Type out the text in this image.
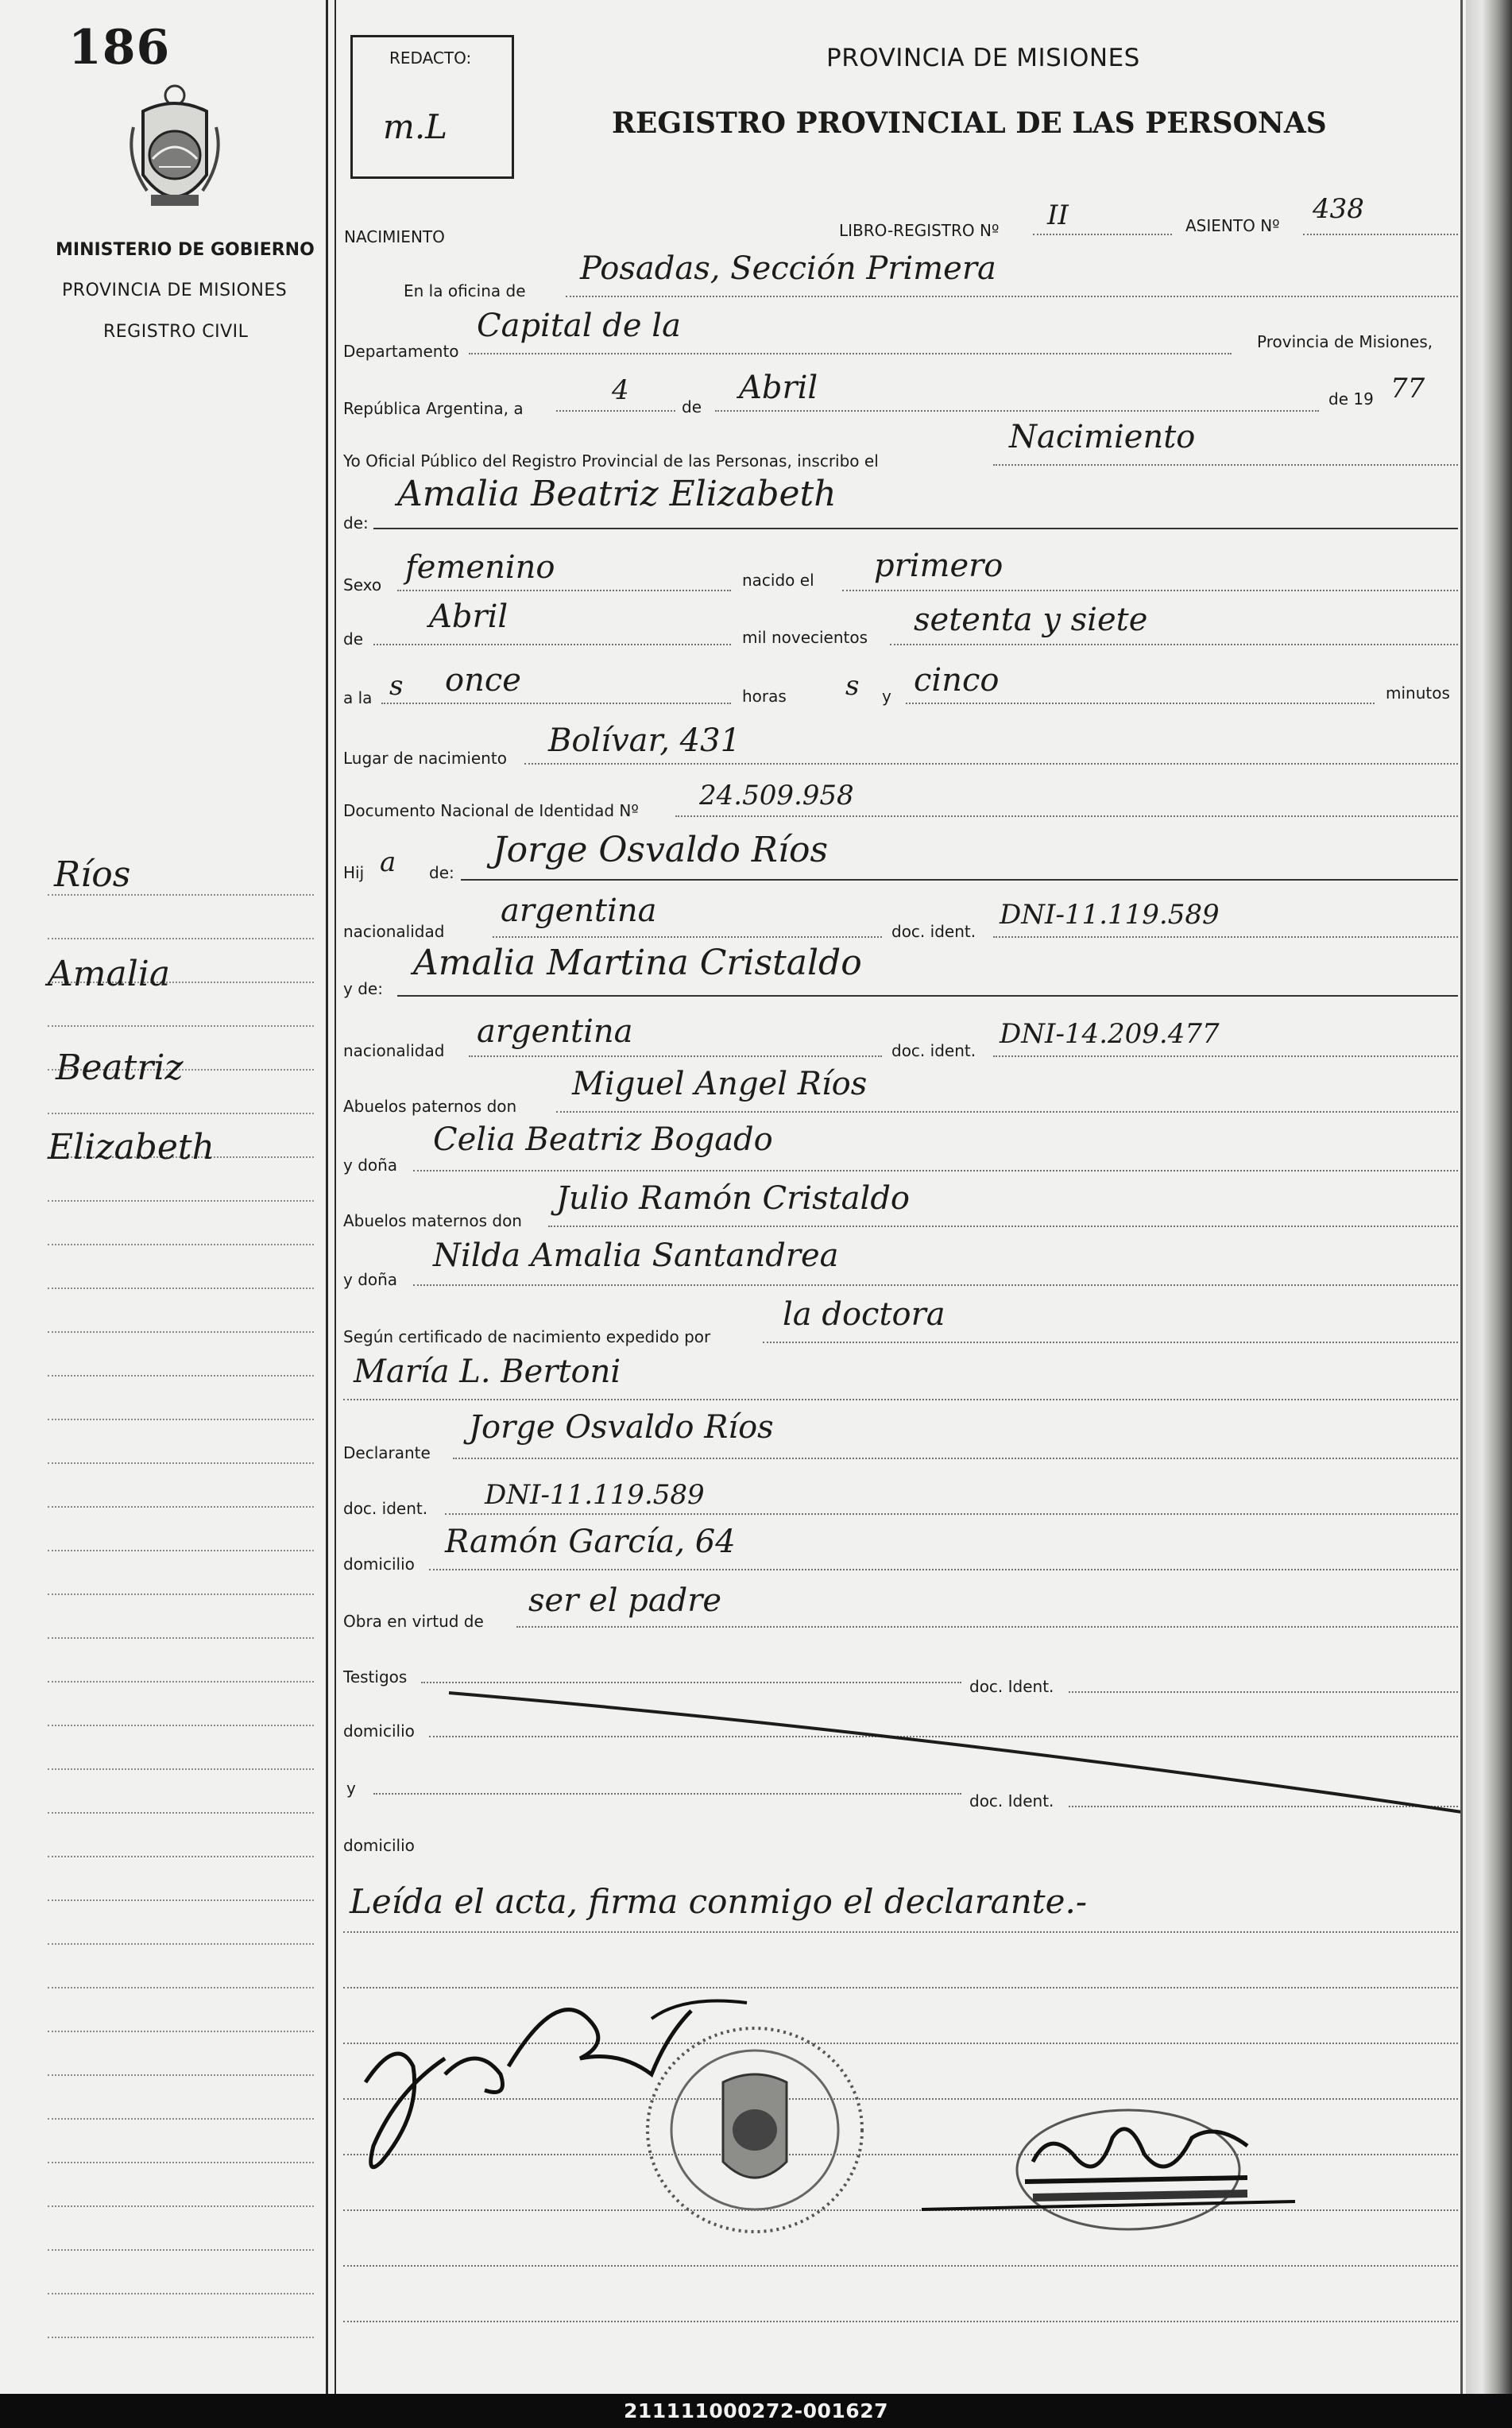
186
MINISTERIO DE GOBIERNO
PROVINCIA DE MISIONES
REGISTRO CIVIL
Ríos
Amalia
Beatriz
Elizabeth
REDACTO:
m.L
PROVINCIA DE MISIONES
REGISTRO PROVINCIAL DE LAS PERSONAS
NACIMIENTO	LIBRO-REGISTRO Nº II	ASIENTO Nº
438
En la oficina de
Posadas, Sección Primera
Departamento
Capital de la	Provincia de Misiones,
República Argentina, a
4
de
Abril	de 19 77
Yo Oficial Público del Registro Provincial de las Personas, inscribo el
Nacimiento
de:
Amalia Beatriz Elizabeth
Sexo femenino	nacido el primero
de
Abril
mil novecientos setenta y siete
a la s once	horas s y cinco	minutos
Lugar de nacimiento Bolívar, 431
Documento Nacional de Identidad Nº 24.509.958
Hij a de:
Jorge Osvaldo Ríos
nacionalidad
argentina
doc. ident.
DNI-11.119.589
y de:
Amalia Martina Cristaldo
nacionalidad
argentina
doc. ident.
DNI-14.209.477
Abuelos paternos don
Miguel Angel Ríos
y doña
Celia Beatriz Bogado
Abuelos maternos don
Julio Ramón Cristaldo
y doña
Nilda Amalia Santandrea
Según certificado de nacimiento expedido por
la doctora
María L. Bertoni
Declarante
Jorge Osvaldo Ríos
doc. ident. DNI-11.119.589
domicilio
Ramón García, 64
Obra en virtud de
ser el padre
Testigos	doc. Ident.
domicilio
y
doc. Ident.
domicilio
Leída el acta, firma conmigo el declarante.-
211111000272-001627
